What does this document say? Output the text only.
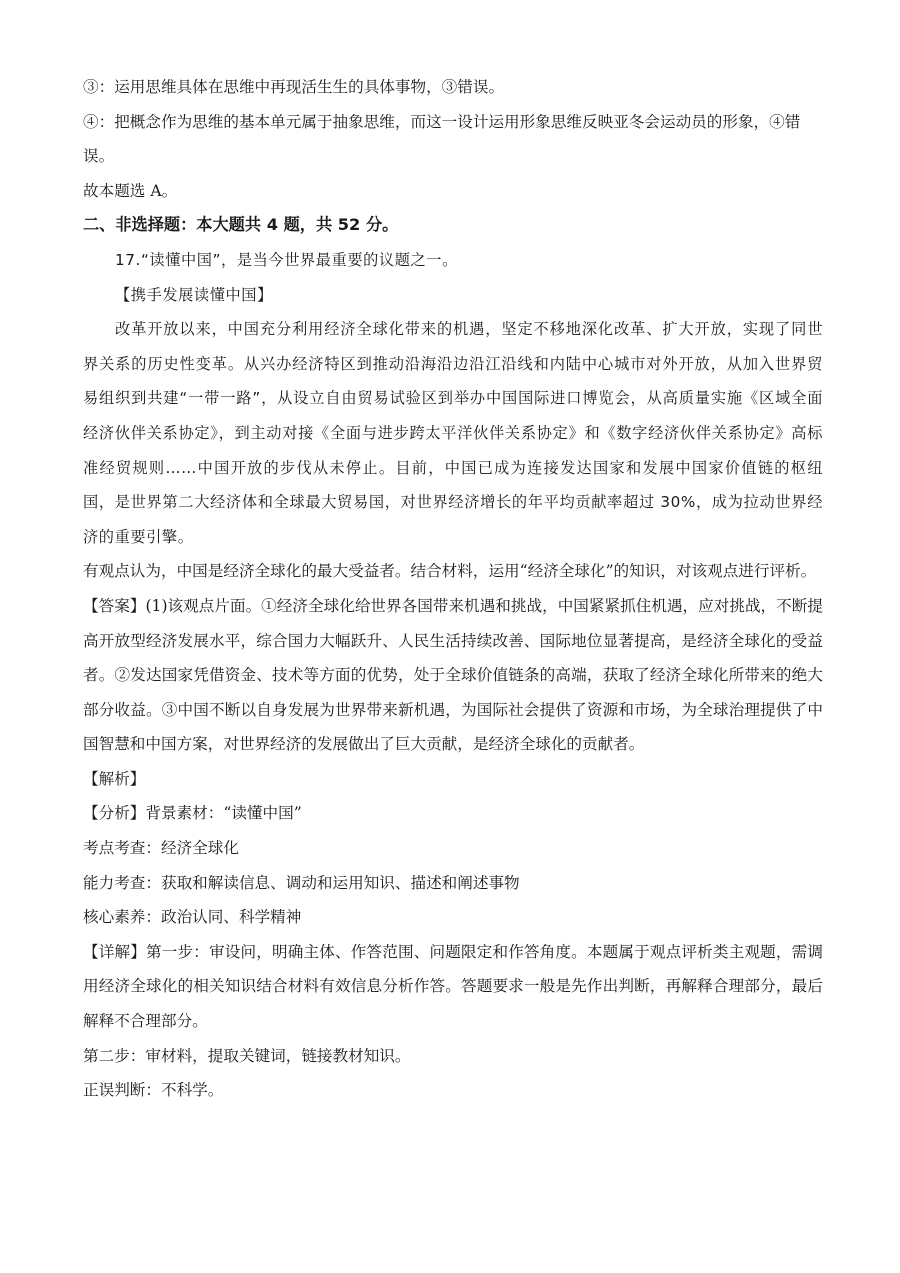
③：运用思维具体在思维中再现活生生的具体事物，③错误。

④：把概念作为思维的基本单元属于抽象思维，而这一设计运用形象思维反映亚冬会运动员的形象，④错

误。

故本题选 A。

二、非选择题：本大题共 4 题，共 52 分。

17.“读懂中国”，是当今世界最重要的议题之一。

【携手发展读懂中国】

改革开放以来，中国充分利用经济全球化带来的机遇，坚定不移地深化改革、扩大开放，实现了同世界关系的历史性变革。从兴办经济特区到推动沿海沿边沿江沿线和内陆中心城市对外开放，从加入世界贸易组织到共建“一带一路”，从设立自由贸易试验区到举办中国国际进口博览会，从高质量实施《区域全面经济伙伴关系协定》，到主动对接《全面与进步跨太平洋伙伴关系协定》和《数字经济伙伴关系协定》高标准经贸规则……中国开放的步伐从未停止。目前，中国已成为连接发达国家和发展中国家价值链的枢纽国，是世界第二大经济体和全球最大贸易国，对世界经济增长的年平均贡献率超过 30%，成为拉动世界经济的重要引擎。

有观点认为，中国是经济全球化的最大受益者。结合材料，运用“经济全球化”的知识，对该观点进行评析。

【答案】(1)该观点片面。①经济全球化给世界各国带来机遇和挑战，中国紧紧抓住机遇，应对挑战，不断提高开放型经济发展水平，综合国力大幅跃升、人民生活持续改善、国际地位显著提高，是经济全球化的受益者。②发达国家凭借资金、技术等方面的优势，处于全球价值链条的高端，获取了经济全球化所带来的绝大部分收益。③中国不断以自身发展为世界带来新机遇，为国际社会提供了资源和市场，为全球治理提供了中国智慧和中国方案，对世界经济的发展做出了巨大贡献，是经济全球化的贡献者。

【解析】

【分析】背景素材：“读懂中国”

考点考查：经济全球化

能力考查：获取和解读信息、调动和运用知识、描述和阐述事物

核心素养：政治认同、科学精神

【详解】第一步：审设问，明确主体、作答范围、问题限定和作答角度。本题属于观点评析类主观题，需调用经济全球化的相关知识结合材料有效信息分析作答。答题要求一般是先作出判断，再解释合理部分，最后解释不合理部分。

第二步：审材料，提取关键词，链接教材知识。

正误判断：不科学。
